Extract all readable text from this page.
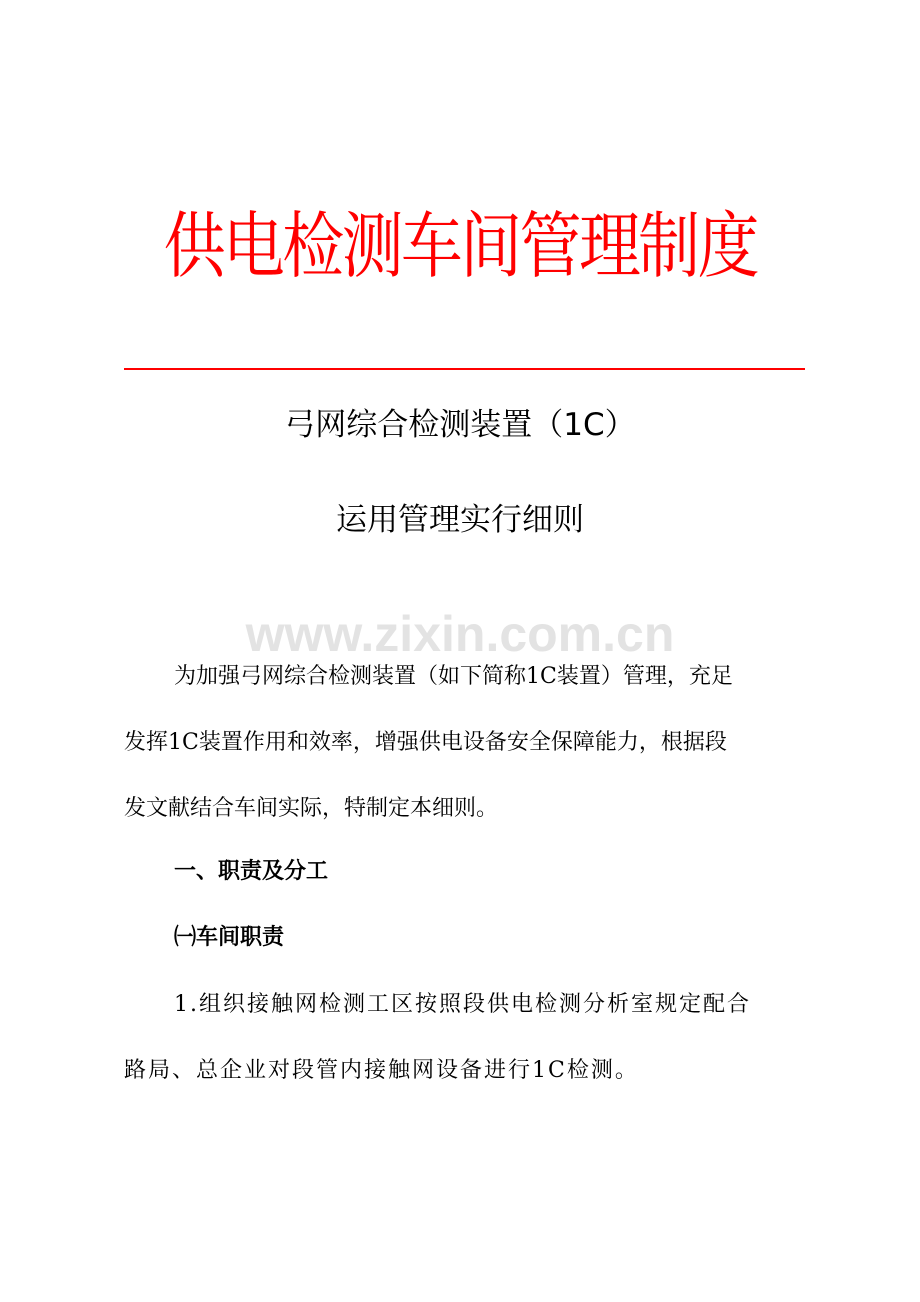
供电检测车间管理制度
弓网综合检测装置（1C）
运用管理实行细则
www.zixin.com.cn
为加强弓网综合检测装置（如下简称1C装置）管理，充足
发挥1C装置作用和效率，增强供电设备安全保障能力，根据段
发文献结合车间实际，特制定本细则。
一、职责及分工
㈠车间职责
1.组织接触网检测工区按照段供电检测分析室规定配合
路局、总企业对段管内接触网设备进行1C检测。
